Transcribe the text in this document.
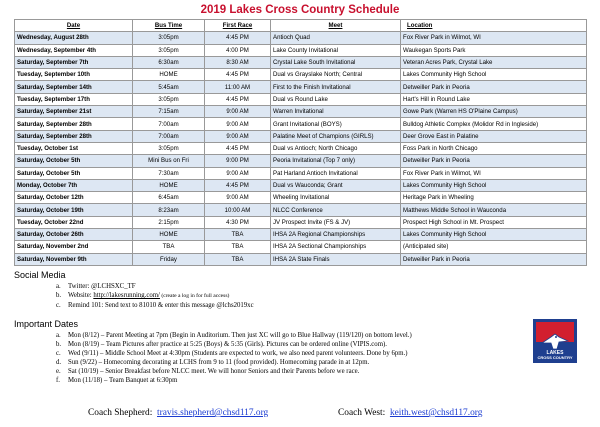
2019 Lakes Cross Country Schedule
Date	Bus Time	First Race	Meet	Location
Wednesday, August 28th	3:05pm	4:45 PM	Antioch Quad	Fox River Park in Wilmot, WI
Wednesday, September 4th	3:05pm	4:00 PM	Lake County Invitational	Waukegan Sports Park
Saturday, September 7th	6:30am	8:30 AM	Crystal Lake South Invitational	Veteran Acres Park, Crystal Lake
Tuesday, September 10th	HOME	4:45 PM	Dual vs Grayslake North; Central	Lakes Community High School
Saturday, September 14th	5:45am	11:00 AM	First to the Finish Invitational	Detweiller Park in Peoria
Tuesday, September 17th	3:05pm	4:45 PM	Dual vs Round Lake	Hart's Hill in Round Lake
Saturday, September 21st	7:15am	9:00 AM	Warren Invitational	Gowe Park (Warren HS O'Plaine Campus)
Saturday, September 28th	7:00am	9:00 AM	Grant Invitational (BOYS)	Bulldog Athletic Complex (Molidor Rd in Ingleside)
Saturday, September 28th	7:00am	9:00 AM	Palatine Meet of Champions (GIRLS)	Deer Grove East in Palatine
Tuesday, October 1st	3:05pm	4:45 PM	Dual vs Antioch; North Chicago	Foss Park in North Chicago
Saturday, October 5th	Mini Bus on Fri	9:00 PM	Peoria Invitational (Top 7 only)	Detweiller Park in Peoria
Saturday, October 5th	7:30am	9:00 AM	Pat Harland Antioch Invitational	Fox River Park in Wilmot, WI
Monday, October 7th	HOME	4:45 PM	Dual vs Wauconda; Grant	Lakes Community High School
Saturday, October 12th	6:45am	9:00 AM	Wheeling Invitational	Heritage Park in Wheeling
Saturday, October 19th	8:23am	10:00 AM	NLCC Conference	Matthews Middle School in Wauconda
Tuesday, October 22nd	2:15pm	4:30 PM	JV Prospect Invite (FS & JV)	Prospect High School in Mt. Prospect
Saturday, October 26th	HOME	TBA	IHSA 2A Regional Championships	Lakes Community High School
Saturday, November 2nd	TBA	TBA	IHSA 2A Sectional Championships	(Anticipated site)
Saturday, November 9th	Friday	TBA	IHSA 2A State Finals	Detweiller Park in Peoria
Social Media
a. Twitter: @LCHSXC_TF
b. Website: http://lakesrunning.com/ (create a log in for full access)
c. Remind 101: Send text to 81010 & enter this message @lchs2019xc
Important Dates
a. Mon (8/12) – Parent Meeting at 7pm (Begin in Auditorium. Then just XC will go to Blue Hallway (119/120) on bottom level.)
b. Mon (8/19) – Team Pictures after practice at 5:25 (Boys) & 5:35 (Girls). Pictures can be ordered online (VIPIS.com).
c. Wed (9/11) – Middle School Meet at 4:30pm (Students are expected to work, we also need parent volunteers. Done by 6pm.)
d. Sun (9/22) – Homecoming decorating at LCHS from 9 to 11 (food provided). Homecoming parade in at 12pm.
e. Sat (10/19) – Senior Breakfast before NLCC meet. We will honor Seniors and their Parents before we race.
f. Mon (11/18) – Team Banquet at 6:30pm
LAKES
CROSS COUNTRY
Coach Shepherd: travis.shepherd@chsd117.org	Coach West: keith.west@chsd117.org
